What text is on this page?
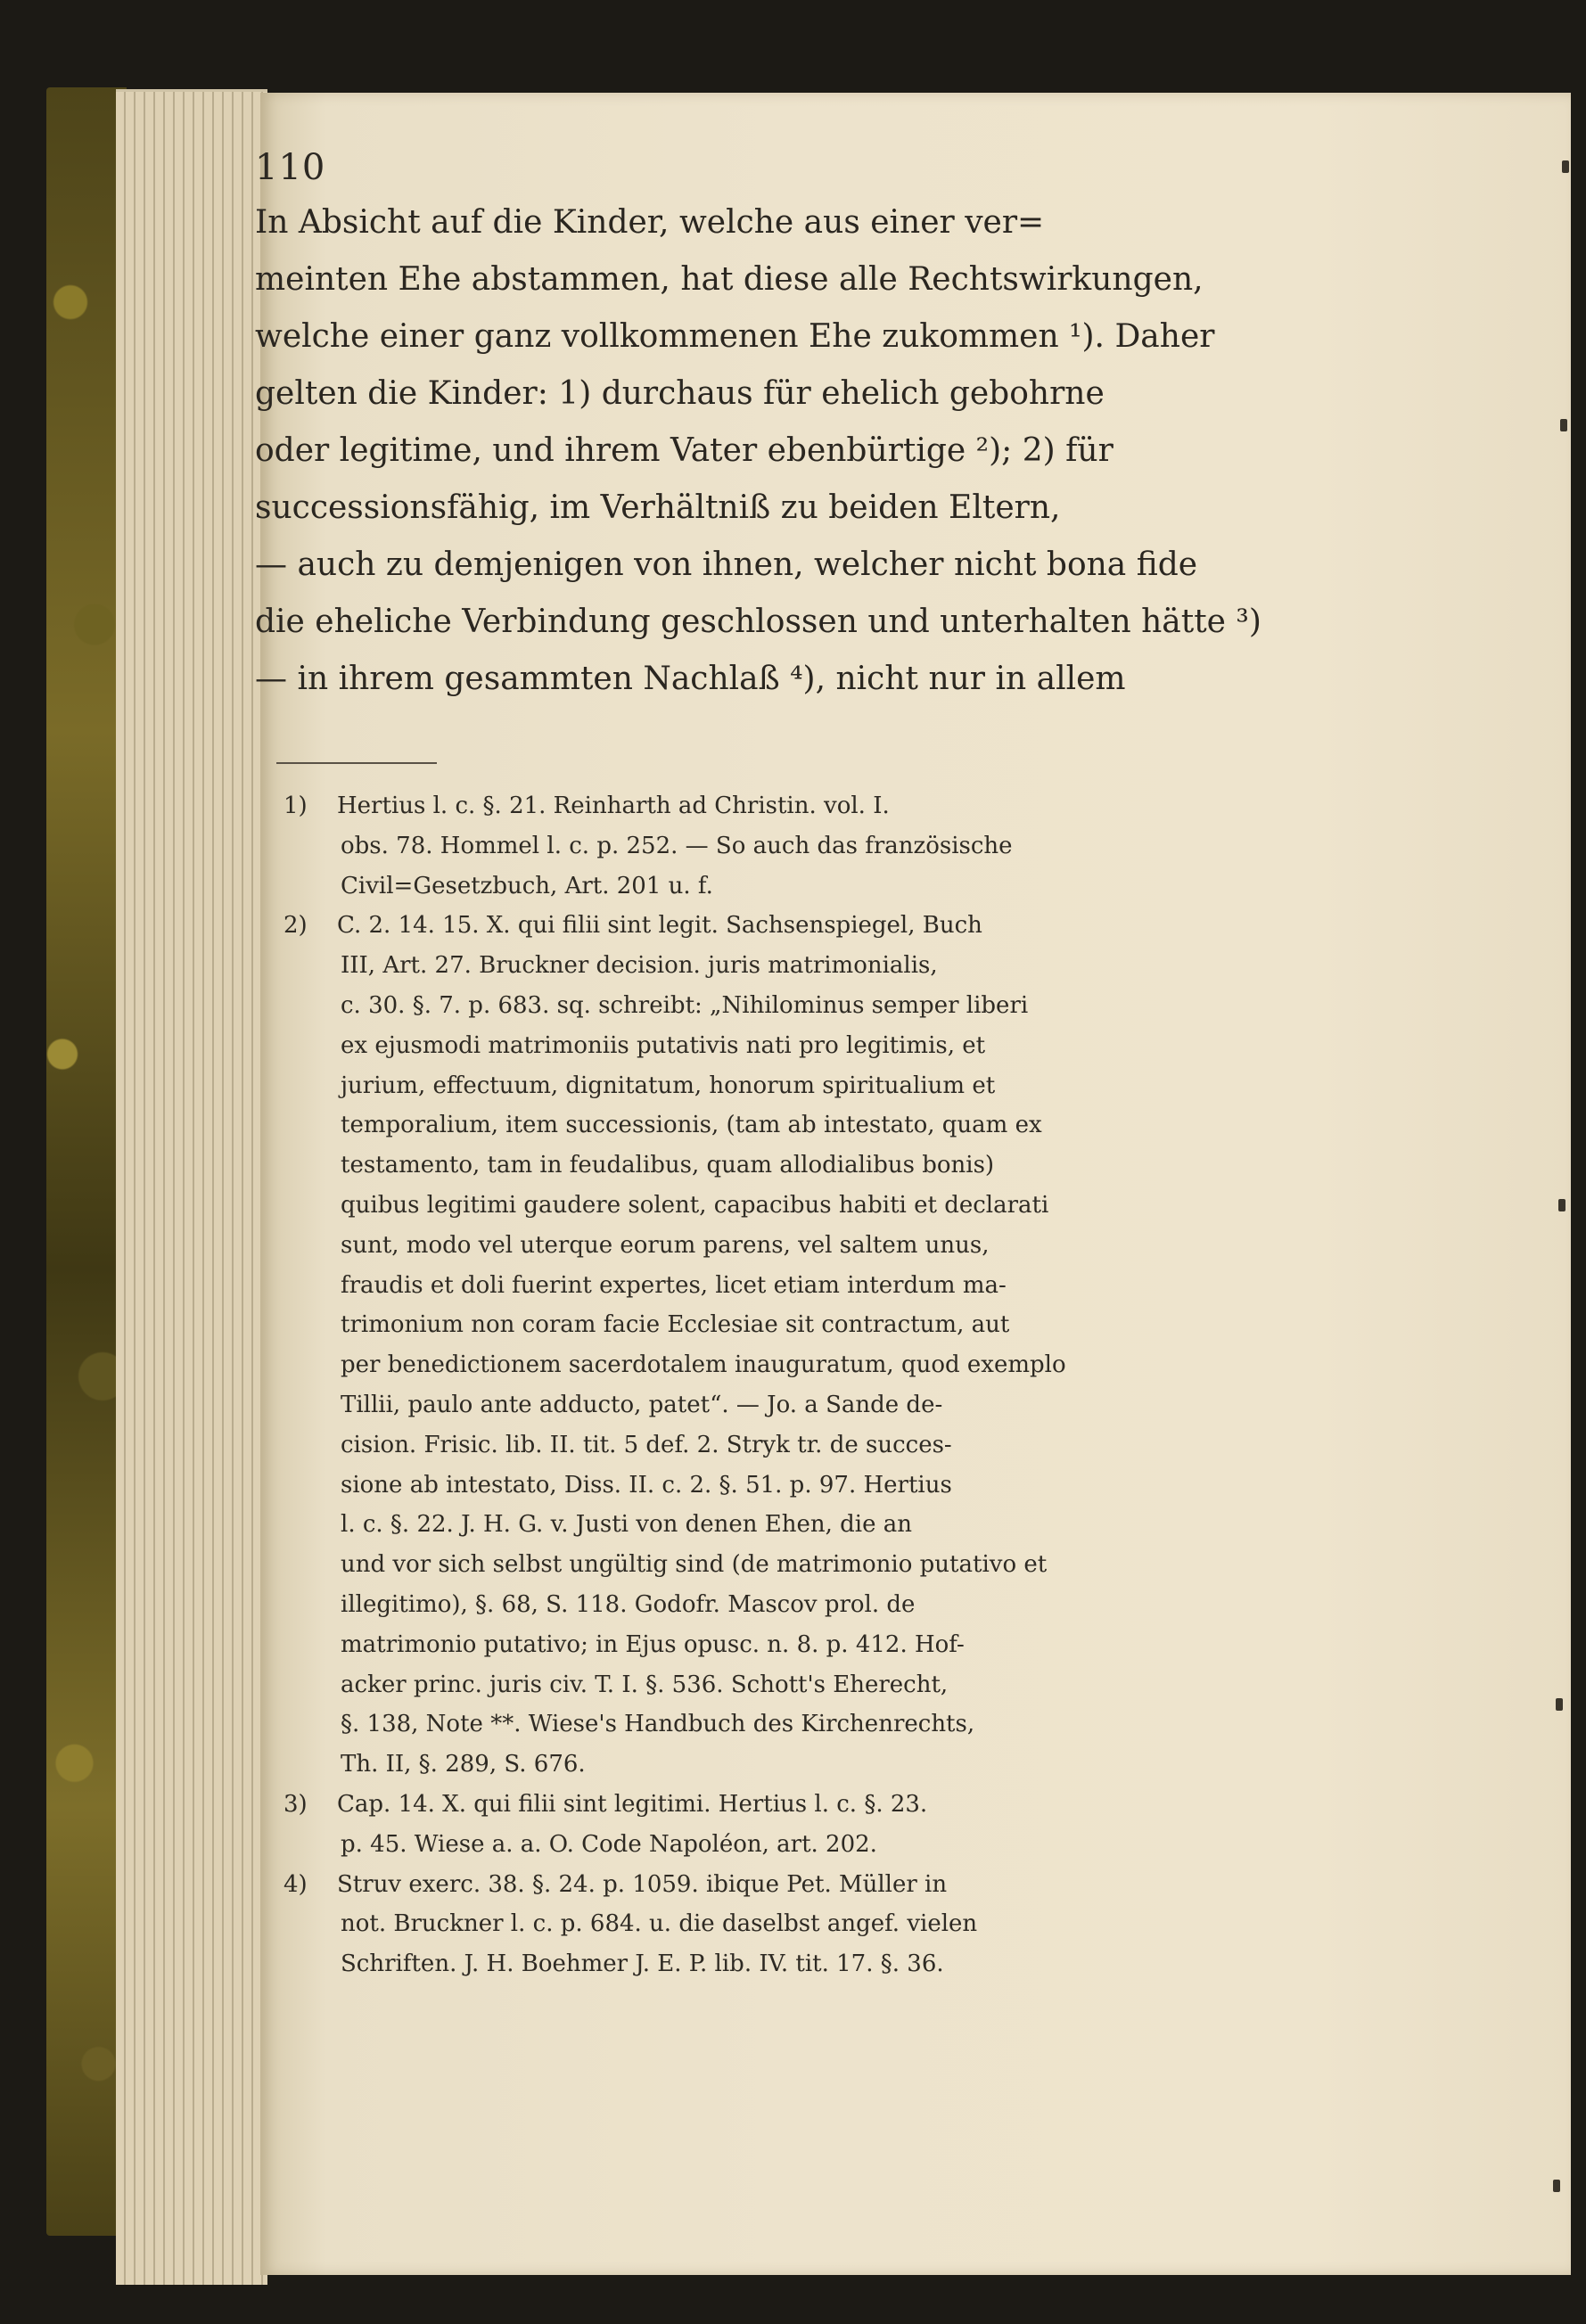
110
In Absicht auf die Kinder, welche aus einer ver=
meinten Ehe abstammen, hat diese alle Rechtswirkungen,
welche einer ganz vollkommenen Ehe zukommen ¹). Daher
gelten die Kinder: 1) durchaus für ehelich gebohrne
oder legitime, und ihrem Vater ebenbürtige ²); 2) für
successionsfähig, im Verhältniß zu beiden Eltern,
— auch zu demjenigen von ihnen, welcher nicht bona fide
die eheliche Verbindung geschlossen und unterhalten hätte ³)
— in ihrem gesammten Nachlaß ⁴), nicht nur in allem
1) Hertius l. c. §. 21. Reinharth ad Christin. vol. I.
obs. 78. Hommel l. c. p. 252. — So auch das französische
Civil=Gesetzbuch, Art. 201 u. f.
2) C. 2. 14. 15. X. qui filii sint legit. Sachsenspiegel, Buch
III, Art. 27. Bruckner decision. juris matrimonialis,
c. 30. §. 7. p. 683. sq. schreibt: „Nihilominus semper liberi
ex ejusmodi matrimoniis putativis nati pro legitimis, et
jurium, effectuum, dignitatum, honorum spiritualium et
temporalium, item successionis, (tam ab intestato, quam ex
testamento, tam in feudalibus, quam allodialibus bonis)
quibus legitimi gaudere solent, capacibus habiti et declarati
sunt, modo vel uterque eorum parens, vel saltem unus,
fraudis et doli fuerint expertes, licet etiam interdum ma-
trimonium non coram facie Ecclesiae sit contractum, aut
per benedictionem sacerdotalem inauguratum, quod exemplo
Tillii, paulo ante adducto, patet“. — Jo. a Sande de-
cision. Frisic. lib. II. tit. 5 def. 2. Stryk tr. de succes-
sione ab intestato, Diss. II. c. 2. §. 51. p. 97. Hertius
l. c. §. 22. J. H. G. v. Justi von denen Ehen, die an
und vor sich selbst ungültig sind (de matrimonio putativo et
illegitimo), §. 68, S. 118. Godofr. Mascov prol. de
matrimonio putativo; in Ejus opusc. n. 8. p. 412. Hof-
acker princ. juris civ. T. I. §. 536. Schott's Eherecht,
§. 138, Note **. Wiese's Handbuch des Kirchenrechts,
Th. II, §. 289, S. 676.
3) Cap. 14. X. qui filii sint legitimi. Hertius l. c. §. 23.
p. 45. Wiese a. a. O. Code Napoléon, art. 202.
4) Struv exerc. 38. §. 24. p. 1059. ibique Pet. Müller in
not. Bruckner l. c. p. 684. u. die daselbst angef. vielen
Schriften. J. H. Boehmer J. E. P. lib. IV. tit. 17. §. 36.
